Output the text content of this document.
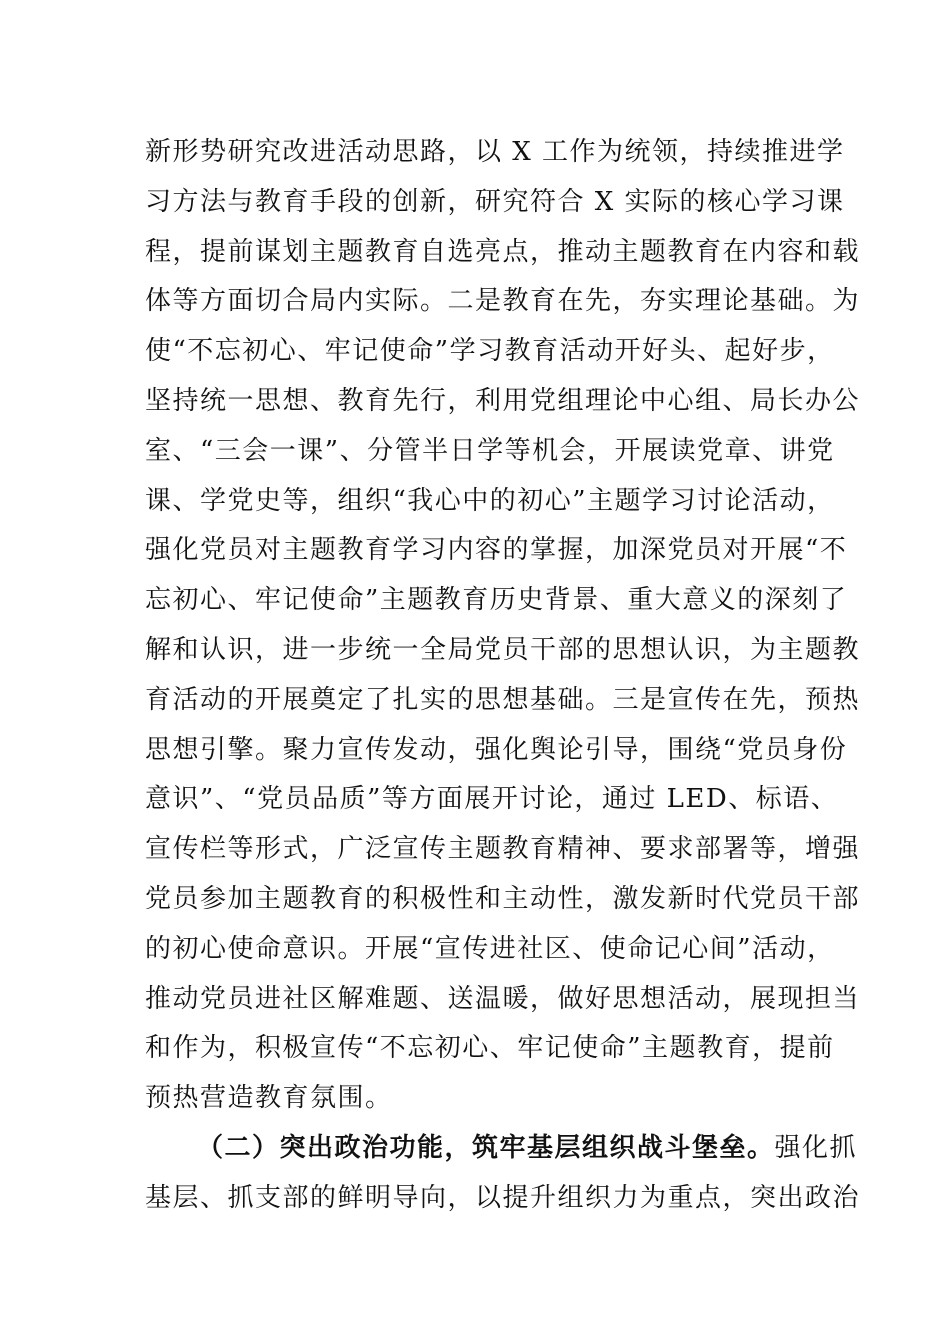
新形势研究改进活动思路，以 X 工作为统领，持续推进学
习方法与教育手段的创新，研究符合 X 实际的核心学习课
程，提前谋划主题教育自选亮点，推动主题教育在内容和载
体等方面切合局内实际。二是教育在先，夯实理论基础。为
使“不忘初心、牢记使命”学习教育活动开好头、起好步，
坚持统一思想、教育先行，利用党组理论中心组、局长办公
室、“三会一课”、分管半日学等机会，开展读党章、讲党
课、学党史等，组织“我心中的初心”主题学习讨论活动，
强化党员对主题教育学习内容的掌握，加深党员对开展“不
忘初心、牢记使命”主题教育历史背景、重大意义的深刻了
解和认识，进一步统一全局党员干部的思想认识，为主题教
育活动的开展奠定了扎实的思想基础。三是宣传在先，预热
思想引擎。聚力宣传发动，强化舆论引导，围绕“党员身份
意识”、“党员品质”等方面展开讨论，通过 LED、标语、
宣传栏等形式，广泛宣传主题教育精神、要求部署等，增强
党员参加主题教育的积极性和主动性，激发新时代党员干部
的初心使命意识。开展“宣传进社区、使命记心间”活动，
推动党员进社区解难题、送温暖，做好思想活动，展现担当
和作为，积极宣传“不忘初心、牢记使命”主题教育，提前
预热营造教育氛围。
（二）突出政治功能，筑牢基层组织战斗堡垒。强化抓
基层、抓支部的鲜明导向，以提升组织力为重点，突出政治
